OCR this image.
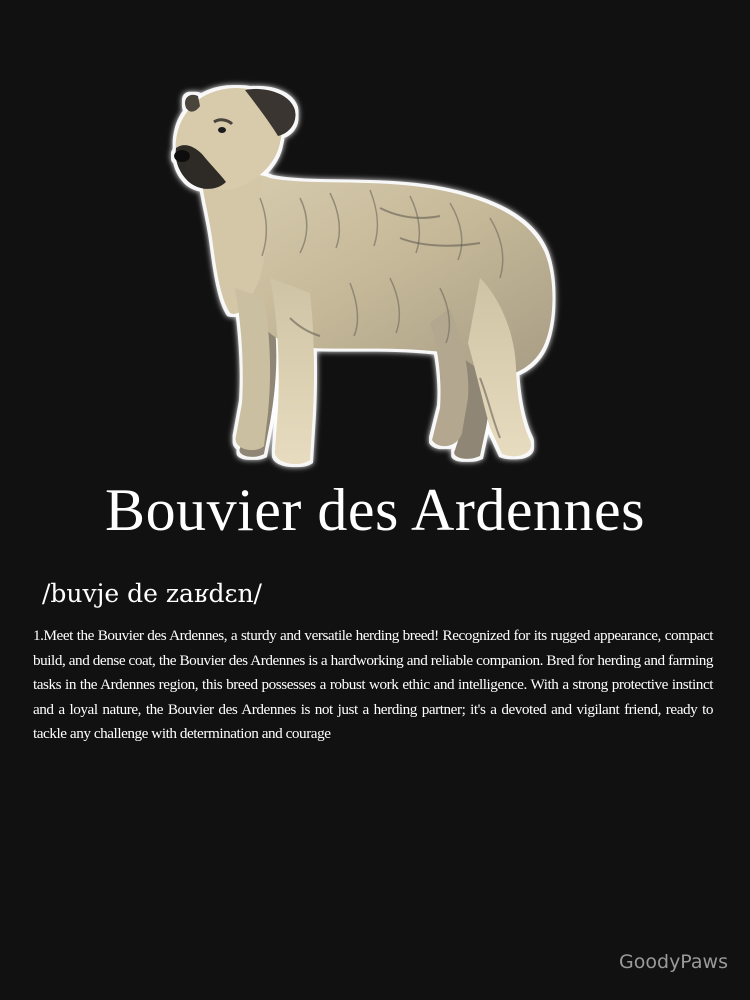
Bouvier des Ardennes
/buvje de zaʁdɛn/
1.Meet the Bouvier des Ardennes, a sturdy and versatile herding breed! Recognized for its rugged appearance, compact build, and dense coat, the Bouvier des Ardennes is a hardworking and reliable companion. Bred for herding and farming tasks in the Ardennes region, this breed possesses a robust work ethic and intelligence. With a strong protective instinct and a loyal nature, the Bouvier des Ardennes is not just a herding partner; it's a devoted and vigilant friend, ready to tackle any challenge with determination and courage
GoodyPaws
